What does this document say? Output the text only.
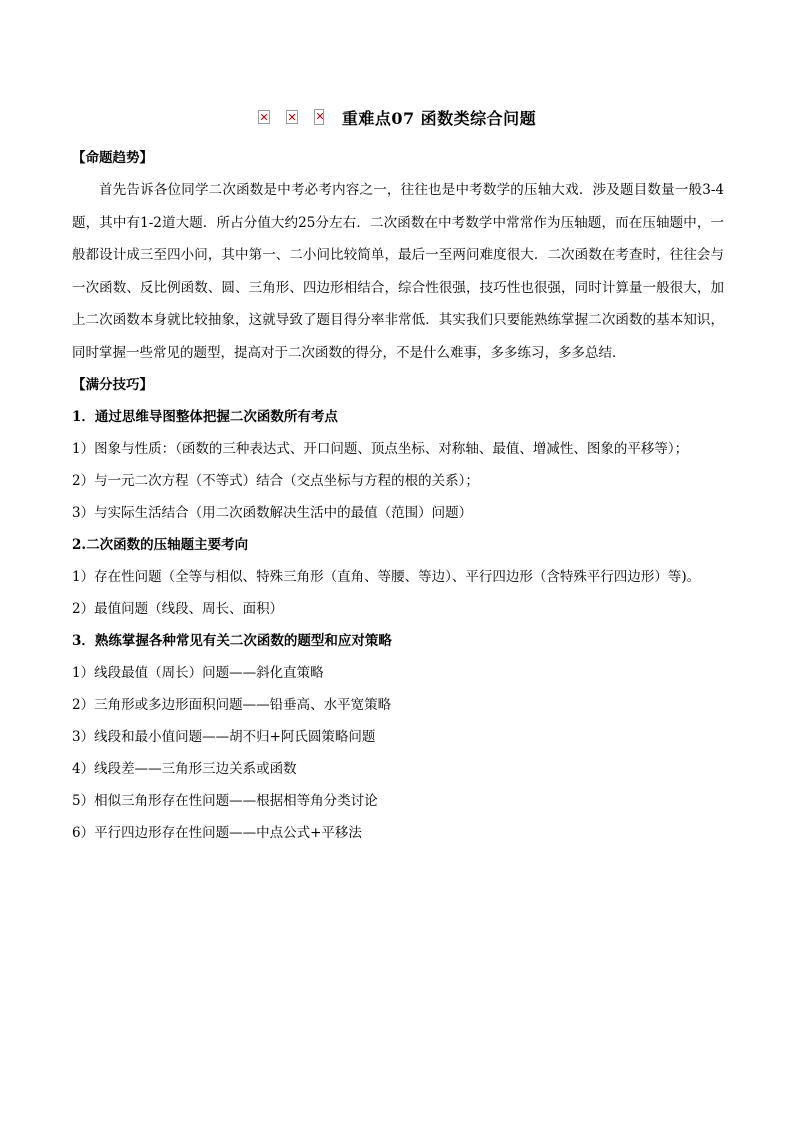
重难点07 函数类综合问题

【命题趋势】

首先告诉各位同学二次函数是中考必考内容之一，往往也是中考数学的压轴大戏．涉及题目数量一般3-4题，其中有1-2道大题．所占分值大约25分左右．二次函数在中考数学中常常作为压轴题，而在压轴题中，一般都设计成三至四小问，其中第一、二小问比较简单，最后一至两问难度很大．二次函数在考查时，往往会与一次函数、反比例函数、圆、三角形、四边形相结合，综合性很强，技巧性也很强，同时计算量一般很大，加上二次函数本身就比较抽象，这就导致了题目得分率非常低．其实我们只要能熟练掌握二次函数的基本知识，同时掌握一些常见的题型，提高对于二次函数的得分，不是什么难事，多多练习，多多总结．

【满分技巧】

1．通过思维导图整体把握二次函数所有考点

1）图象与性质：（函数的三种表达式、开口问题、顶点坐标、对称轴、最值、增减性、图象的平移等）；

2）与一元二次方程（不等式）结合（交点坐标与方程的根的关系）；

3）与实际生活结合（用二次函数解决生活中的最值（范围）问题）

2.二次函数的压轴题主要考向

1）存在性问题（全等与相似、特殊三角形（直角、等腰、等边）、平行四边形（含特殊平行四边形）等)。

2）最值问题（线段、周长、面积）

3．熟练掌握各种常见有关二次函数的题型和应对策略

1）线段最值（周长）问题——斜化直策略

2）三角形或多边形面积问题——铅垂高、水平宽策略

3）线段和最小值问题——胡不归+阿氏圆策略问题

4）线段差——三角形三边关系或函数

5）相似三角形存在性问题——根据相等角分类讨论

6）平行四边形存在性问题——中点公式+平移法
